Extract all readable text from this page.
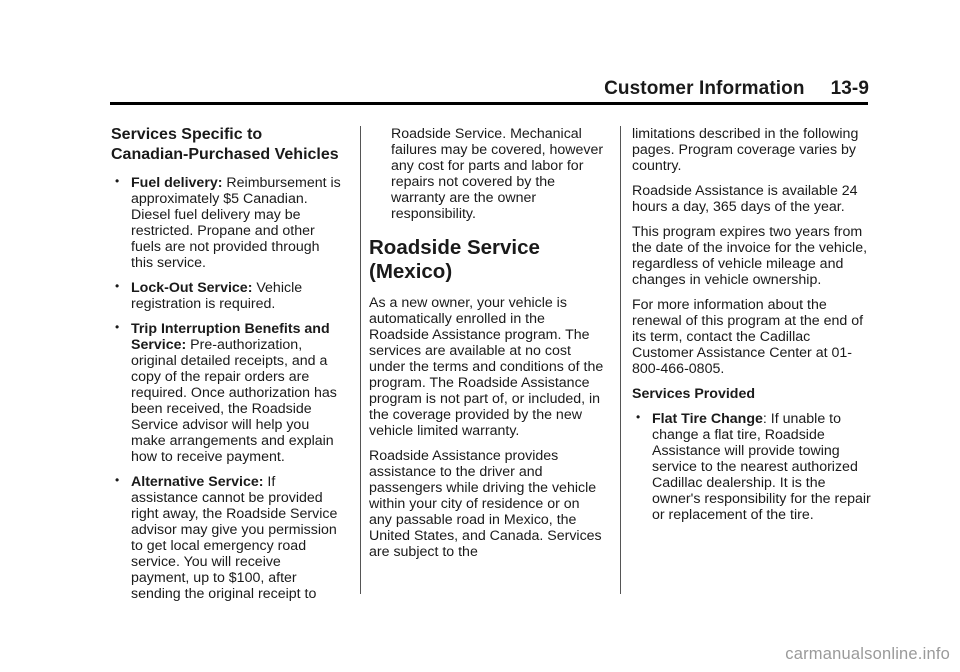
Customer Information 13-9
Services Specific to Canadian-Purchased Vehicles
• Fuel delivery: Reimbursement is approximately $5 Canadian. Diesel fuel delivery may be restricted. Propane and other fuels are not provided through this service.
• Lock-Out Service: Vehicle registration is required.
• Trip Interruption Benefits and Service: Pre-authorization, original detailed receipts, and a copy of the repair orders are required. Once authorization has been received, the Roadside Service advisor will help you make arrangements and explain how to receive payment.
• Alternative Service: If assistance cannot be provided right away, the Roadside Service advisor may give you permission to get local emergency road service. You will receive payment, up to $100, after sending the original receipt to

Roadside Service. Mechanical failures may be covered, however any cost for parts and labor for repairs not covered by the warranty are the owner responsibility.

Roadside Service (Mexico)

As a new owner, your vehicle is automatically enrolled in the Roadside Assistance program. The services are available at no cost under the terms and conditions of the program. The Roadside Assistance program is not part of, or included, in the coverage provided by the new vehicle limited warranty.

Roadside Assistance provides assistance to the driver and passengers while driving the vehicle within your city of residence or on any passable road in Mexico, the United States, and Canada. Services are subject to the

limitations described in the following pages. Program coverage varies by country.

Roadside Assistance is available 24 hours a day, 365 days of the year.

This program expires two years from the date of the invoice for the vehicle, regardless of vehicle mileage and changes in vehicle ownership.

For more information about the renewal of this program at the end of its term, contact the Cadillac Customer Assistance Center at 01-800-466-0805.

Services Provided

• Flat Tire Change: If unable to change a flat tire, Roadside Assistance will provide towing service to the nearest authorized Cadillac dealership. It is the owner's responsibility for the repair or replacement of the tire.
carmanualsonline.info
